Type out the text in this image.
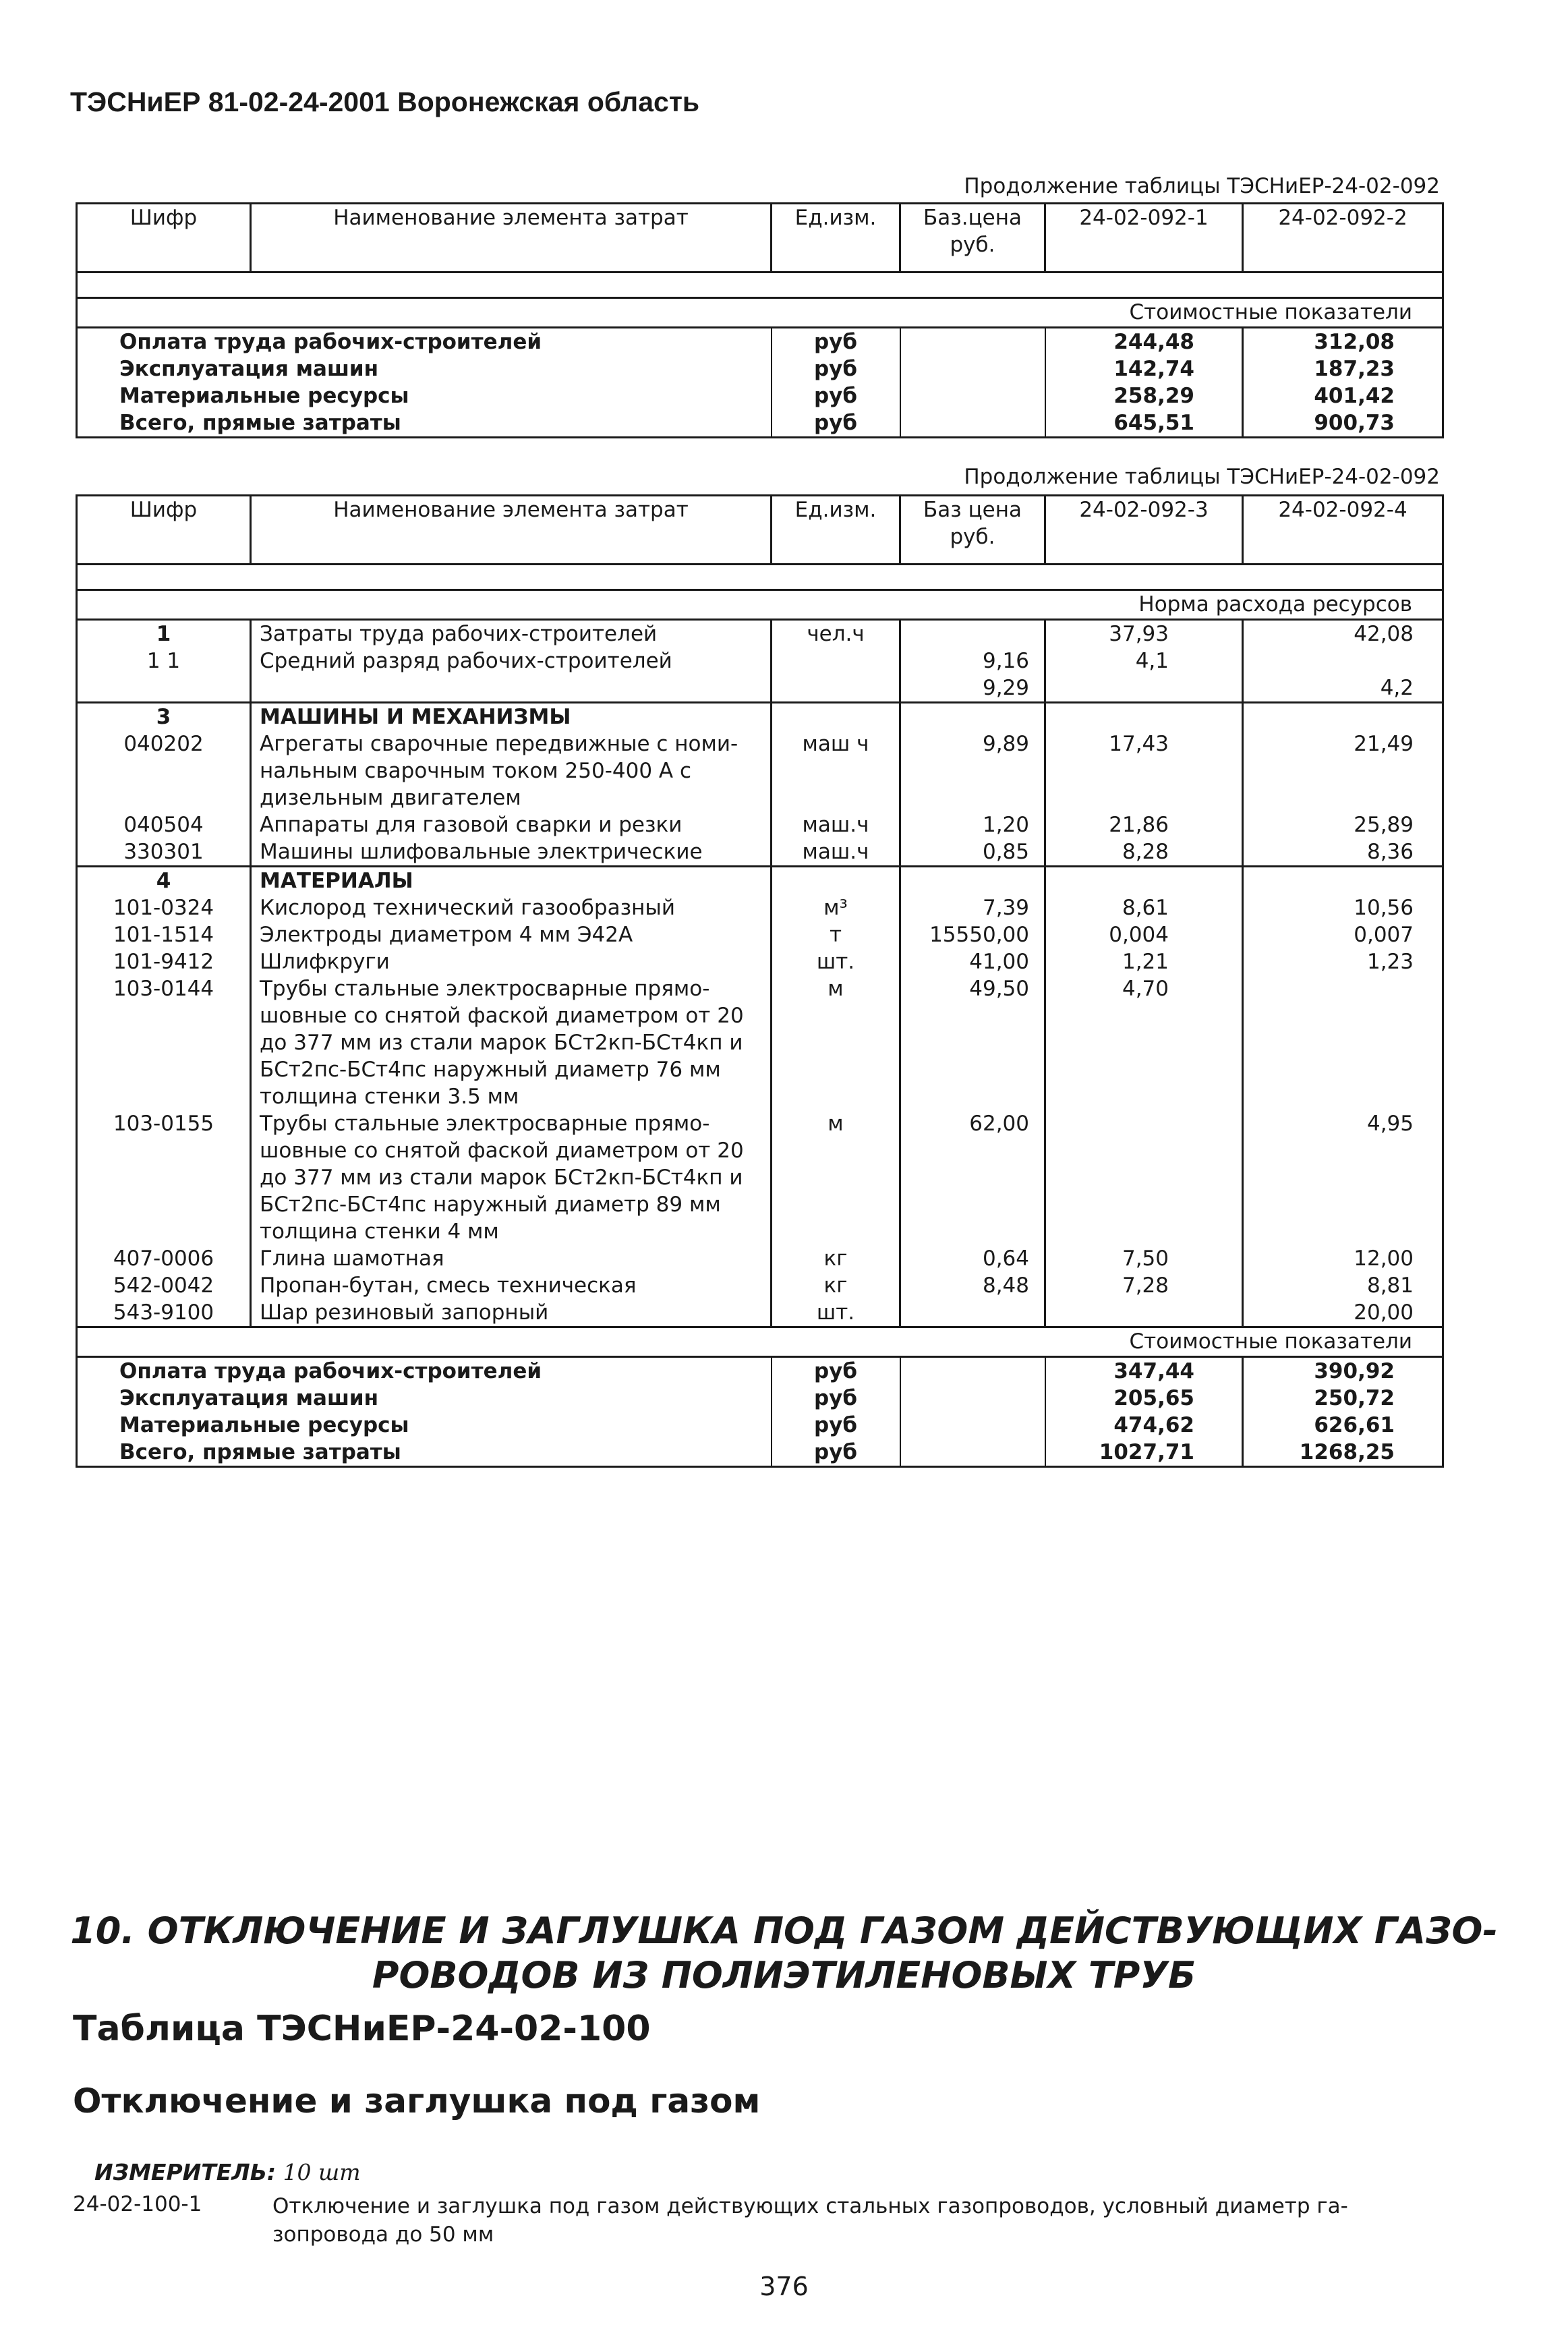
ТЭСНиЕР 81-02-24-2001 Воронежская область
Продолжение таблицы ТЭСНиЕР-24-02-092
Шифр	Наименование элемента затрат	Ед.изм.	Баз.цена руб.	24-02-092-1	24-02-092-2

Стоимостные показатели					
Оплата труда рабочих-строителей		руб		244,48	312,08
Эксплуатация машин		руб		142,74	187,23
Материальные ресурсы		руб		258,29	401,42
Всего, прямые затраты		руб		645,51	900,73
Продолжение таблицы ТЭСНиЕР-24-02-092
Шифр	Наименование элемента затрат	Ед.изм.	Баз цена руб.	24-02-092-3	24-02-092-4

Норма расхода ресурсов					
1	Затраты труда рабочих-строителей	чел.ч		37,93	42,08
1 1	Средний разряд рабочих-строителей		9,16	4,1	
			9,29		4,2
3	МАШИНЫ И МЕХАНИЗМЫ				
040202	Агрегаты сварочные передвижные с номи-нальным сварочным током 250-400 А с дизельным двигателем	маш ч	9,89	17,43	21,49
040504	Аппараты для газовой сварки и резки	маш.ч	1,20	21,86	25,89
330301	Машины шлифовальные электрические	маш.ч	0,85	8,28	8,36
4	МАТЕРИАЛЫ				
101-0324	Кислород технический газообразный	м³	7,39	8,61	10,56
101-1514	Электроды диаметром 4 мм Э42А	т	15550,00	0,004	0,007
101-9412	Шлифкруги	шт.	41,00	1,21	1,23
103-0144	Трубы стальные электросварные прямо-шовные со снятой фаской диаметром от 20 до 377 мм из стали марок БСт2кп-БСт4кп и БСт2пс-БСт4пс наружный диаметр 76 мм толщина стенки 3.5 мм	м	49,50	4,70	
103-0155	Трубы стальные электросварные прямо-шовные со снятой фаской диаметром от 20 до 377 мм из стали марок БСт2кп-БСт4кп и БСт2пс-БСт4пс наружный диаметр 89 мм толщина стенки 4 мм	м	62,00		4,95
407-0006	Глина шамотная	кг	0,64	7,50	12,00
542-0042	Пропан-бутан, смесь техническая	кг	8,48	7,28	8,81
543-9100	Шар резиновый запорный	шт.			20,00
Стоимостные показатели					
Оплата труда рабочих-строителей		руб		347,44	390,92
Эксплуатация машин		руб		205,65	250,72
Материальные ресурсы		руб		474,62	626,61
Всего, прямые затраты		руб		1027,71	1268,25
10. ОТКЛЮЧЕНИЕ И ЗАГЛУШКА ПОД ГАЗОМ ДЕЙСТВУЮЩИХ ГАЗО-
РОВОДОВ ИЗ ПОЛИЭТИЛЕНОВЫХ ТРУБ
Таблица ТЭСНиЕР-24-02-100
Отключение и заглушка под газом
ИЗМЕРИТЕЛЬ: 10 шт
24-02-100-1	Отключение и заглушка под газом действующих стальных газопроводов, условный диаметр га-зопровода до 50 мм
376
